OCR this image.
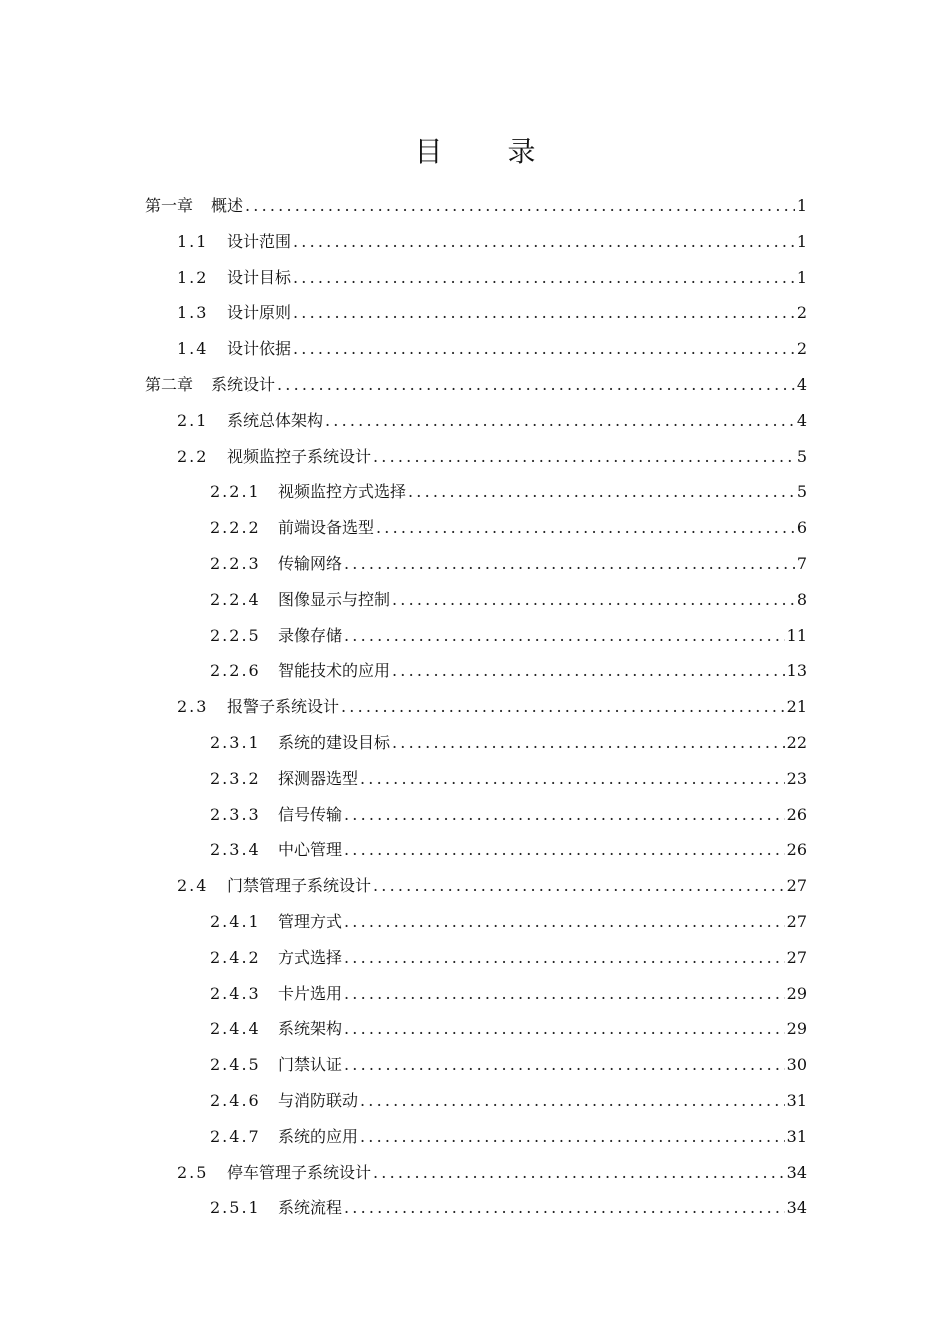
目 录
第一章	概述 .....	1
1.1	设计范围 .....	1
1.2	设计目标 .....	1
1.3	设计原则 .....	2
1.4	设计依据 .....	2
第二章	系统设计 .....	4
2.1	系统总体架构 .....	4
2.2	视频监控子系统设计 .....	5
2.2.1	视频监控方式选择 .....	5
2.2.2	前端设备选型 .....	6
2.2.3	传输网络 .....	7
2.2.4	图像显示与控制 .....	8
2.2.5	录像存储 .....	11
2.2.6	智能技术的应用 .....	13
2.3	报警子系统设计 .....	21
2.3.1	系统的建设目标 .....	22
2.3.2	探测器选型 .....	23
2.3.3	信号传输 .....	26
2.3.4	中心管理 .....	26
2.4	门禁管理子系统设计 .....	27
2.4.1	管理方式 .....	27
2.4.2	方式选择 .....	27
2.4.3	卡片选用 .....	29
2.4.4	系统架构 .....	29
2.4.5	门禁认证 .....	30
2.4.6	与消防联动 .....	31
2.4.7	系统的应用 .....	31
2.5	停车管理子系统设计 .....	34
2.5.1	系统流程 .....	34
